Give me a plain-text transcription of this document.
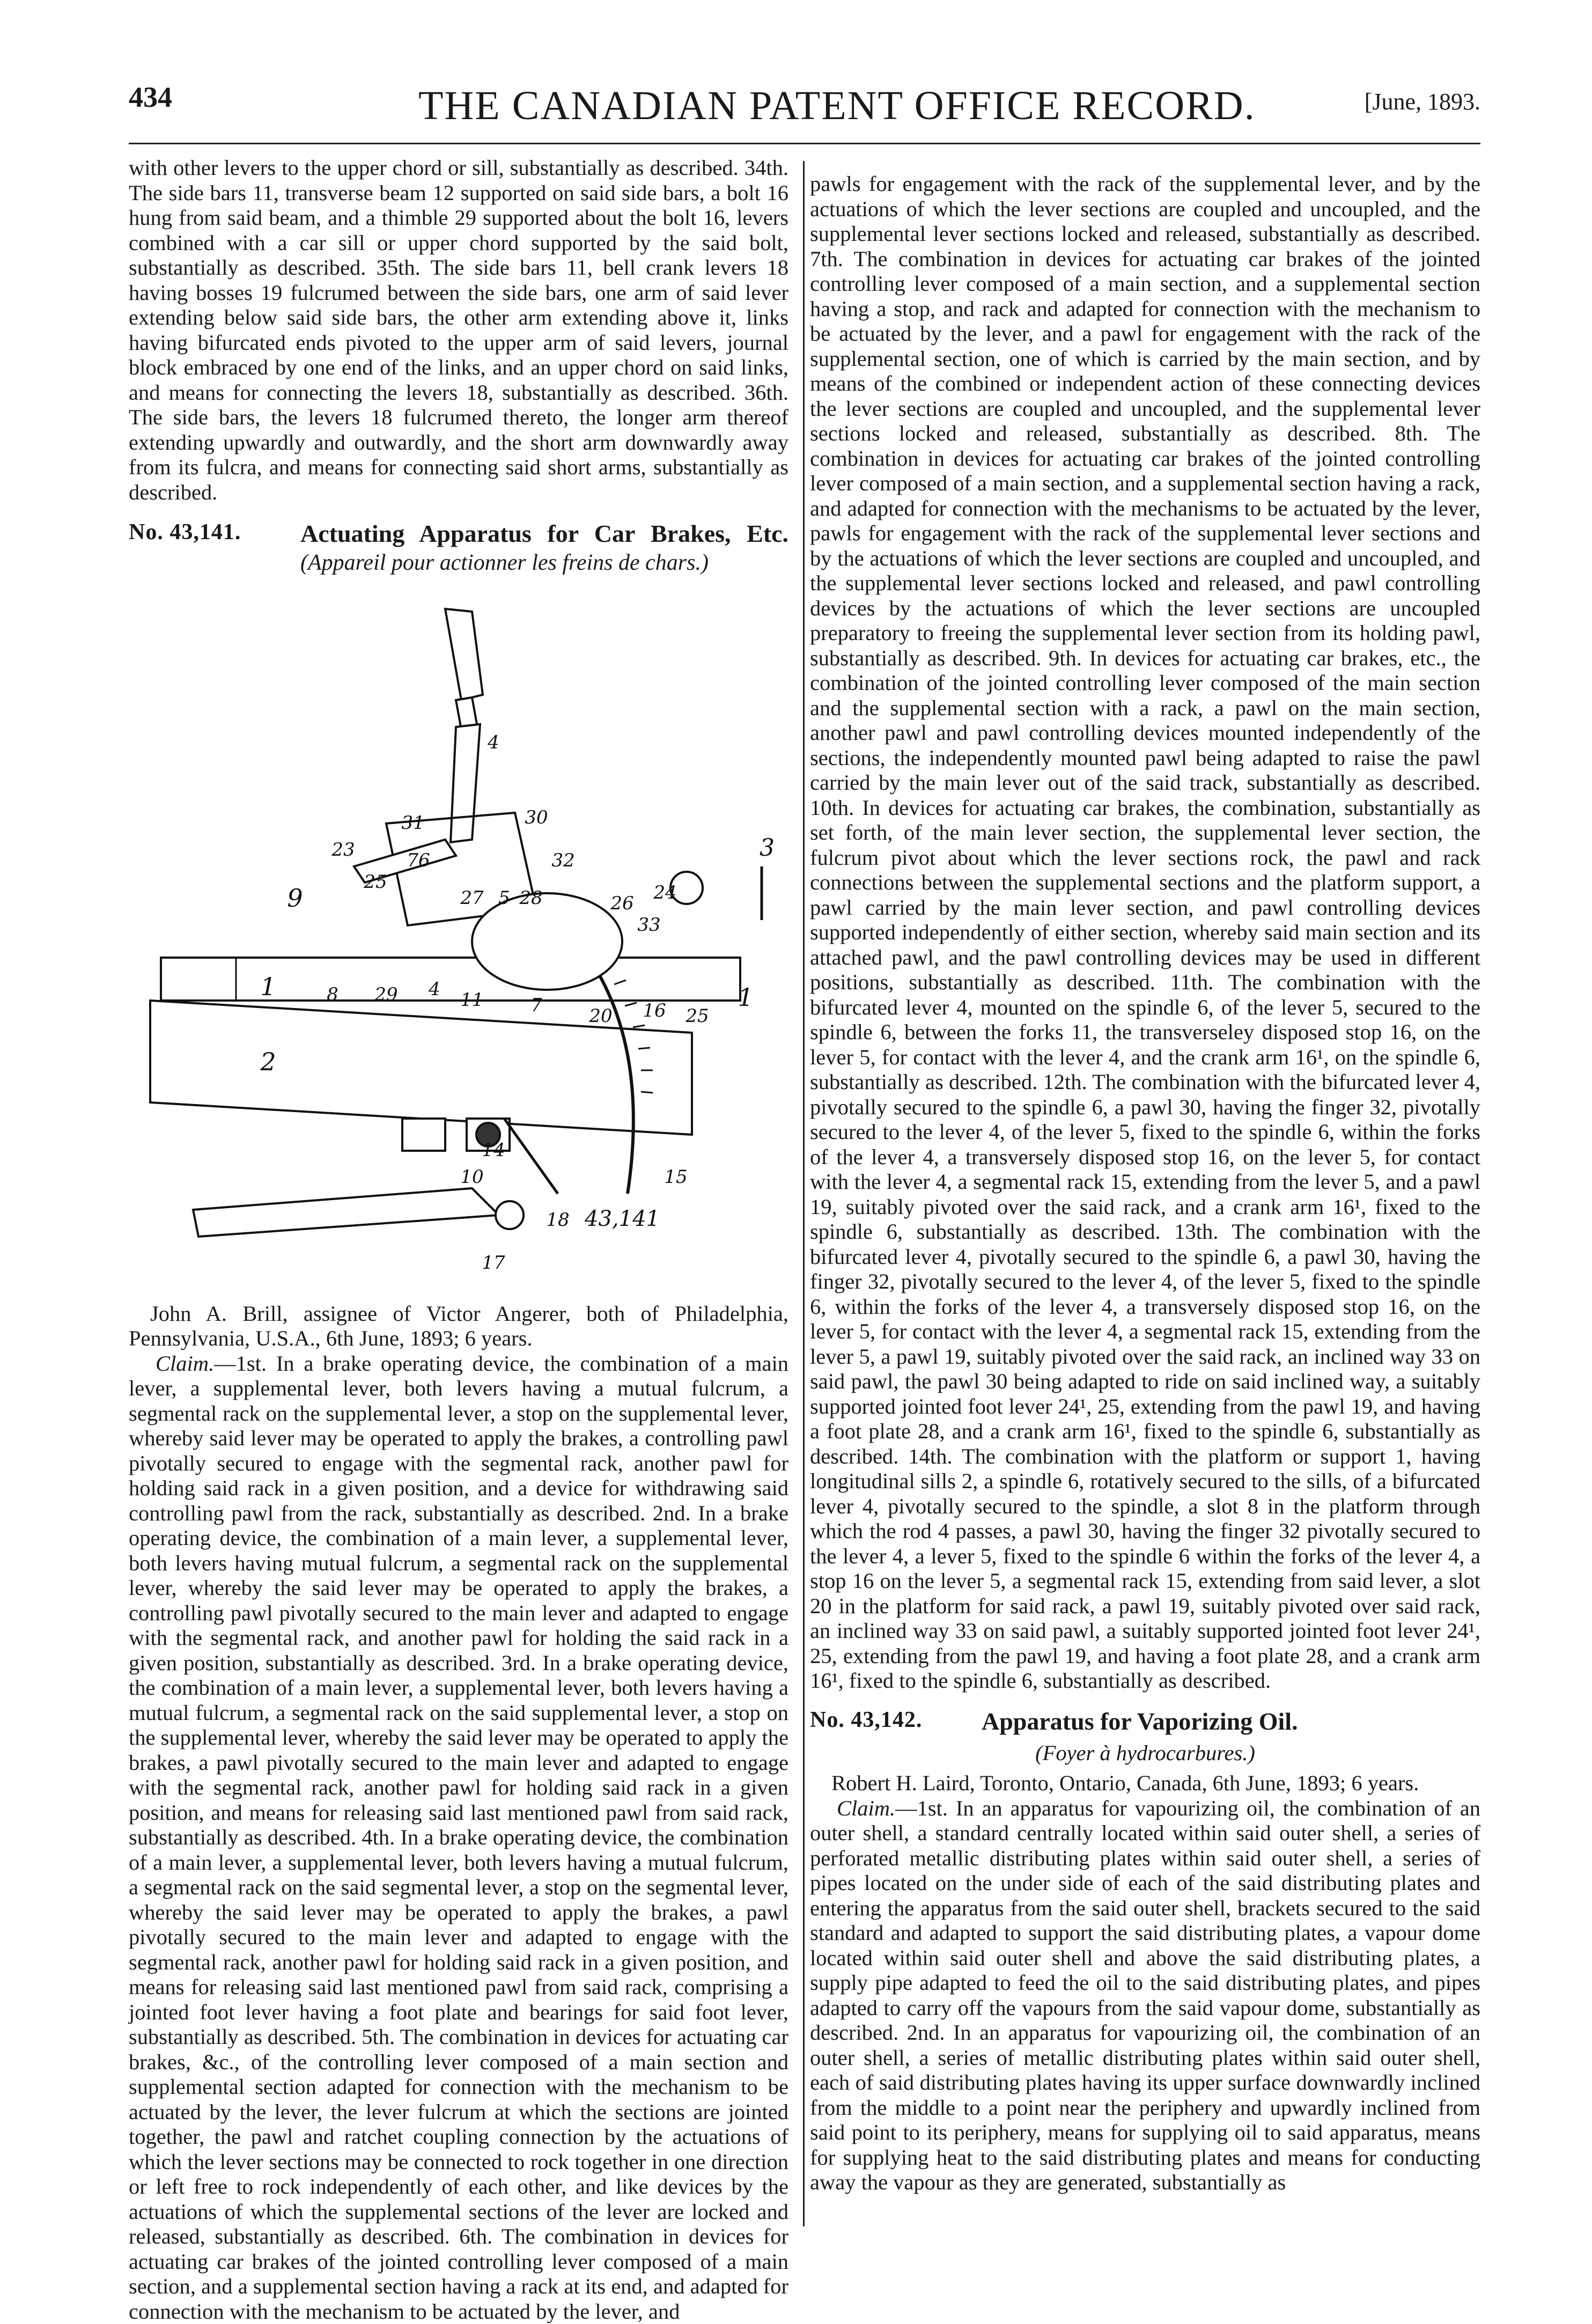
434	THE CANADIAN PATENT OFFICE RECORD.	[June, 1893.

with other levers to the upper chord or sill, substantially as described. 34th. The side bars 11, transverse beam 12 supported on said side bars, a bolt 16 hung from said beam, and a thimble 29 supported about the bolt 16, levers combined with a car sill or upper chord supported by the said bolt, substantially as described. 35th. The side bars 11, bell crank levers 18 having bosses 19 fulcrumed between the side bars, one arm of said lever extending below said side bars, the other arm extending above it, links having bifurcated ends pivoted to the upper arm of said levers, journal block embraced by one end of the links, and an upper chord on said links, and means for connecting the levers 18, substantially as described. 36th. The side bars, the levers 18 fulcrumed thereto, the longer arm thereof extending upwardly and outwardly, and the short arm downwardly away from its fulcra, and means for connecting said short arms, substantially as described.

No. 43,141.	Actuating Apparatus for Car Brakes, Etc. (Appareil pour actionner les freins de chars.)
4
31	30
23
25
76	32
9	27 5 28	24
3
26
33
1	8 29 4 11	7	20 16 25
1
2
14
10	15
18 43,141
17

John A. Brill, assignee of Victor Angerer, both of Philadelphia, Pennsylvania, U.S.A., 6th June, 1893; 6 years.

Claim.—1st. In a brake operating device, the combination of a main lever, a supplemental lever, both levers having a mutual fulcrum, a segmental rack on the supplemental lever, a stop on the supplemental lever, whereby said lever may be operated to apply the brakes, a controlling pawl pivotally secured to engage with the segmental rack, another pawl for holding said rack in a given position, and a device for withdrawing said controlling pawl from the rack, substantially as described. 2nd. In a brake operating device, the combination of a main lever, a supplemental lever, both levers having mutual fulcrum, a segmental rack on the supplemental lever, whereby the said lever may be operated to apply the brakes, a controlling pawl pivotally secured to the main lever and adapted to engage with the segmental rack, and another pawl for holding the said rack in a given position, substantially as described. 3rd. In a brake operating device, the combination of a main lever, a supplemental lever, both levers having a mutual fulcrum, a segmental rack on the said supplemental lever, a stop on the supplemental lever, whereby the said lever may be operated to apply the brakes, a pawl pivotally secured to the main lever and adapted to engage with the segmental rack, another pawl for holding said rack in a given position, and means for releasing said last mentioned pawl from said rack, substantially as described. 4th. In a brake operating device, the combination of a main lever, a supplemental lever, both levers having a mutual fulcrum, a segmental rack on the said segmental lever, a stop on the segmental lever, whereby the said lever may be operated to apply the brakes, a pawl pivotally secured to the main lever and adapted to engage with the segmental rack, another pawl for holding said rack in a given position, and means for releasing said last mentioned pawl from said rack, comprising a jointed foot lever having a foot plate and bearings for said foot lever, substantially as described. 5th. The combination in devices for actuating car brakes, &c., of the controlling lever composed of a main section and supplemental section adapted for connection with the mechanism to be actuated by the lever, the lever fulcrum at which the sections are jointed together, the pawl and ratchet coupling connection by the actuations of which the lever sections may be connected to rock together in one direction or left free to rock independently of each other, and like devices by the actuations of which the supplemental sections of the lever are locked and released, substantially as described. 6th. The combination in devices for actuating car brakes of the jointed controlling lever composed of a main section, and a supplemental section having a rack at its end, and adapted for connection with the mechanism to be actuated by the lever, and

pawls for engagement with the rack of the supplemental lever, and by the actuations of which the lever sections are coupled and uncoupled, and the supplemental lever sections locked and released, substantially as described. 7th. The combination in devices for actuating car brakes of the jointed controlling lever composed of a main section, and a supplemental section having a stop, and rack and adapted for connection with the mechanism to be actuated by the lever, and a pawl for engagement with the rack of the supplemental section, one of which is carried by the main section, and by means of the combined or independent action of these connecting devices the lever sections are coupled and uncoupled, and the supplemental lever sections locked and released, substantially as described. 8th. The combination in devices for actuating car brakes of the jointed controlling lever composed of a main section, and a supplemental section having a rack, and adapted for connection with the mechanisms to be actuated by the lever, pawls for engagement with the rack of the supplemental lever sections and by the actuations of which the lever sections are coupled and uncoupled, and the supplemental lever sections locked and released, and pawl controlling devices by the actuations of which the lever sections are uncoupled preparatory to freeing the supplemental lever section from its holding pawl, substantially as described. 9th. In devices for actuating car brakes, etc., the combination of the jointed controlling lever composed of the main section and the supplemental section with a rack, a pawl on the main section, another pawl and pawl controlling devices mounted independently of the sections, the independently mounted pawl being adapted to raise the pawl carried by the main lever out of the said track, substantially as described. 10th. In devices for actuating car brakes, the combination, substantially as set forth, of the main lever section, the supplemental lever section, the fulcrum pivot about which the lever sections rock, the pawl and rack connections between the supplemental sections and the platform support, a pawl carried by the main lever section, and pawl controlling devices supported independently of either section, whereby said main section and its attached pawl, and the pawl controlling devices may be used in different positions, substantially as described. 11th. The combination with the bifurcated lever 4, mounted on the spindle 6, of the lever 5, secured to the spindle 6, between the forks 11, the transverseley disposed stop 16, on the lever 5, for contact with the lever 4, and the crank arm 16¹, on the spindle 6, substantially as described. 12th. The combination with the bifurcated lever 4, pivotally secured to the spindle 6, a pawl 30, having the finger 32, pivotally secured to the lever 4, of the lever 5, fixed to the spindle 6, within the forks of the lever 4, a transversely disposed stop 16, on the lever 5, for contact with the lever 4, a segmental rack 15, extending from the lever 5, and a pawl 19, suitably pivoted over the said rack, and a crank arm 16¹, fixed to the spindle 6, substantially as described. 13th. The combination with the bifurcated lever 4, pivotally secured to the spindle 6, a pawl 30, having the finger 32, pivotally secured to the lever 4, of the lever 5, fixed to the spindle 6, within the forks of the lever 4, a transversely disposed stop 16, on the lever 5, for contact with the lever 4, a segmental rack 15, extending from the lever 5, a pawl 19, suitably pivoted over the said rack, an inclined way 33 on said pawl, the pawl 30 being adapted to ride on said inclined way, a suitably supported jointed foot lever 24¹, 25, extending from the pawl 19, and having a foot plate 28, and a crank arm 16¹, fixed to the spindle 6, substantially as described. 14th. The combination with the platform or support 1, having longitudinal sills 2, a spindle 6, rotatively secured to the sills, of a bifurcated lever 4, pivotally secured to the spindle, a slot 8 in the platform through which the rod 4 passes, a pawl 30, having the finger 32 pivotally secured to the lever 4, a lever 5, fixed to the spindle 6 within the forks of the lever 4, a stop 16 on the lever 5, a segmental rack 15, extending from said lever, a slot 20 in the platform for said rack, a pawl 19, suitably pivoted over said rack, an inclined way 33 on said pawl, a suitably supported jointed foot lever 24¹, 25, extending from the pawl 19, and having a foot plate 28, and a crank arm 16¹, fixed to the spindle 6, substantially as described.

No. 43,142.	Apparatus for Vaporizing Oil.

(Foyer à hydrocarbures.)

Robert H. Laird, Toronto, Ontario, Canada, 6th June, 1893; 6 years.

Claim.—1st. In an apparatus for vapourizing oil, the combination of an outer shell, a standard centrally located within said outer shell, a series of perforated metallic distributing plates within said outer shell, a series of pipes located on the under side of each of the said distributing plates and entering the apparatus from the said outer shell, brackets secured to the said standard and adapted to support the said distributing plates, a vapour dome located within said outer shell and above the said distributing plates, a supply pipe adapted to feed the oil to the said distributing plates, and pipes adapted to carry off the vapours from the said vapour dome, substantially as described. 2nd. In an apparatus for vapourizing oil, the combination of an outer shell, a series of metallic distributing plates within said outer shell, each of said distributing plates having its upper surface downwardly inclined from the middle to a point near the periphery and upwardly inclined from said point to its periphery, means for supplying oil to said apparatus, means for supplying heat to the said distributing plates and means for conducting away the vapour as they are generated, substantially as
